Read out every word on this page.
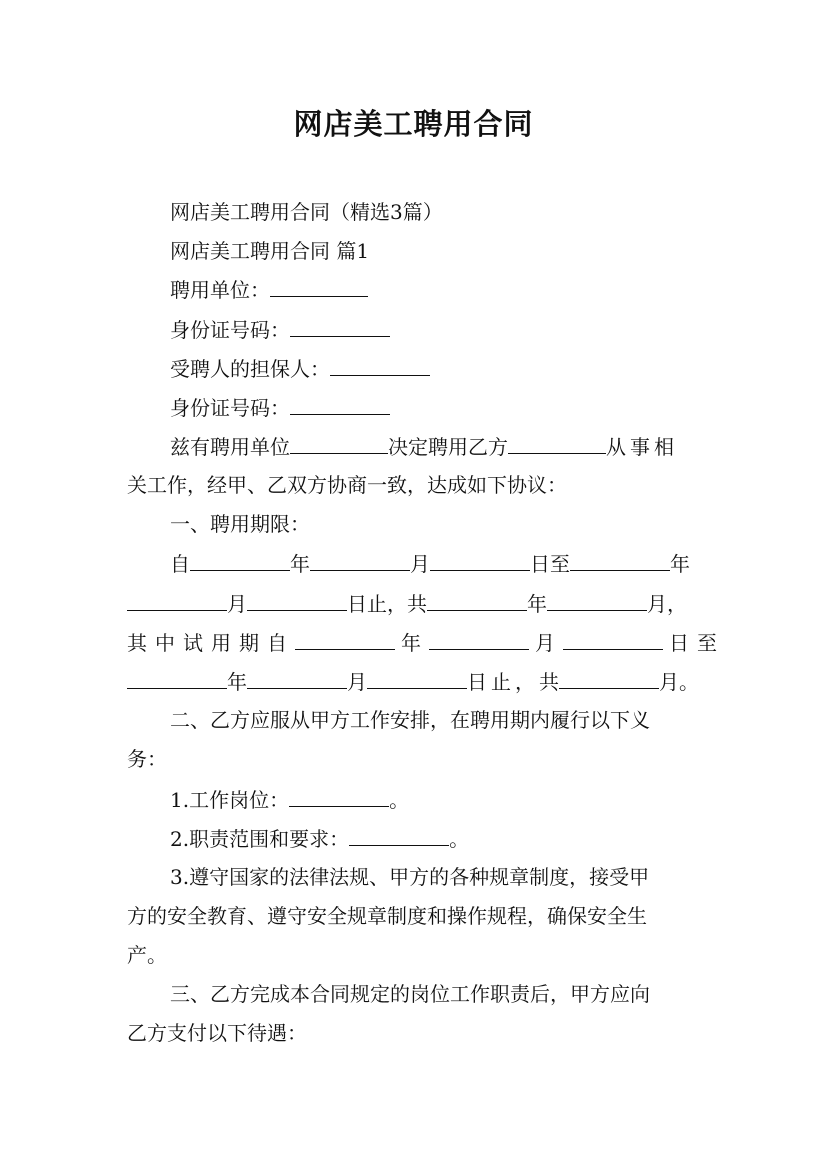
网店美工聘用合同
网店美工聘用合同（精选3篇）
网店美工聘用合同 篇1
聘用单位：
身份证号码：
受聘人的担保人：
身份证号码：
兹有聘用单位	决定聘用乙方	从事相
关工作，经甲、乙双方协商一致，达成如下协议：
一、聘用期限：
自	年	月	日至	年
月	日止，共	年	月，
其中试用期自	年	月	日至
年	月	日止，共	月。
二、乙方应服从甲方工作安排，在聘用期内履行以下义
务：
1.工作岗位：	。
2.职责范围和要求：	。
3.遵守国家的法律法规、甲方的各种规章制度，接受甲
方的安全教育、遵守安全规章制度和操作规程，确保安全生
产。
三、乙方完成本合同规定的岗位工作职责后，甲方应向
乙方支付以下待遇：
